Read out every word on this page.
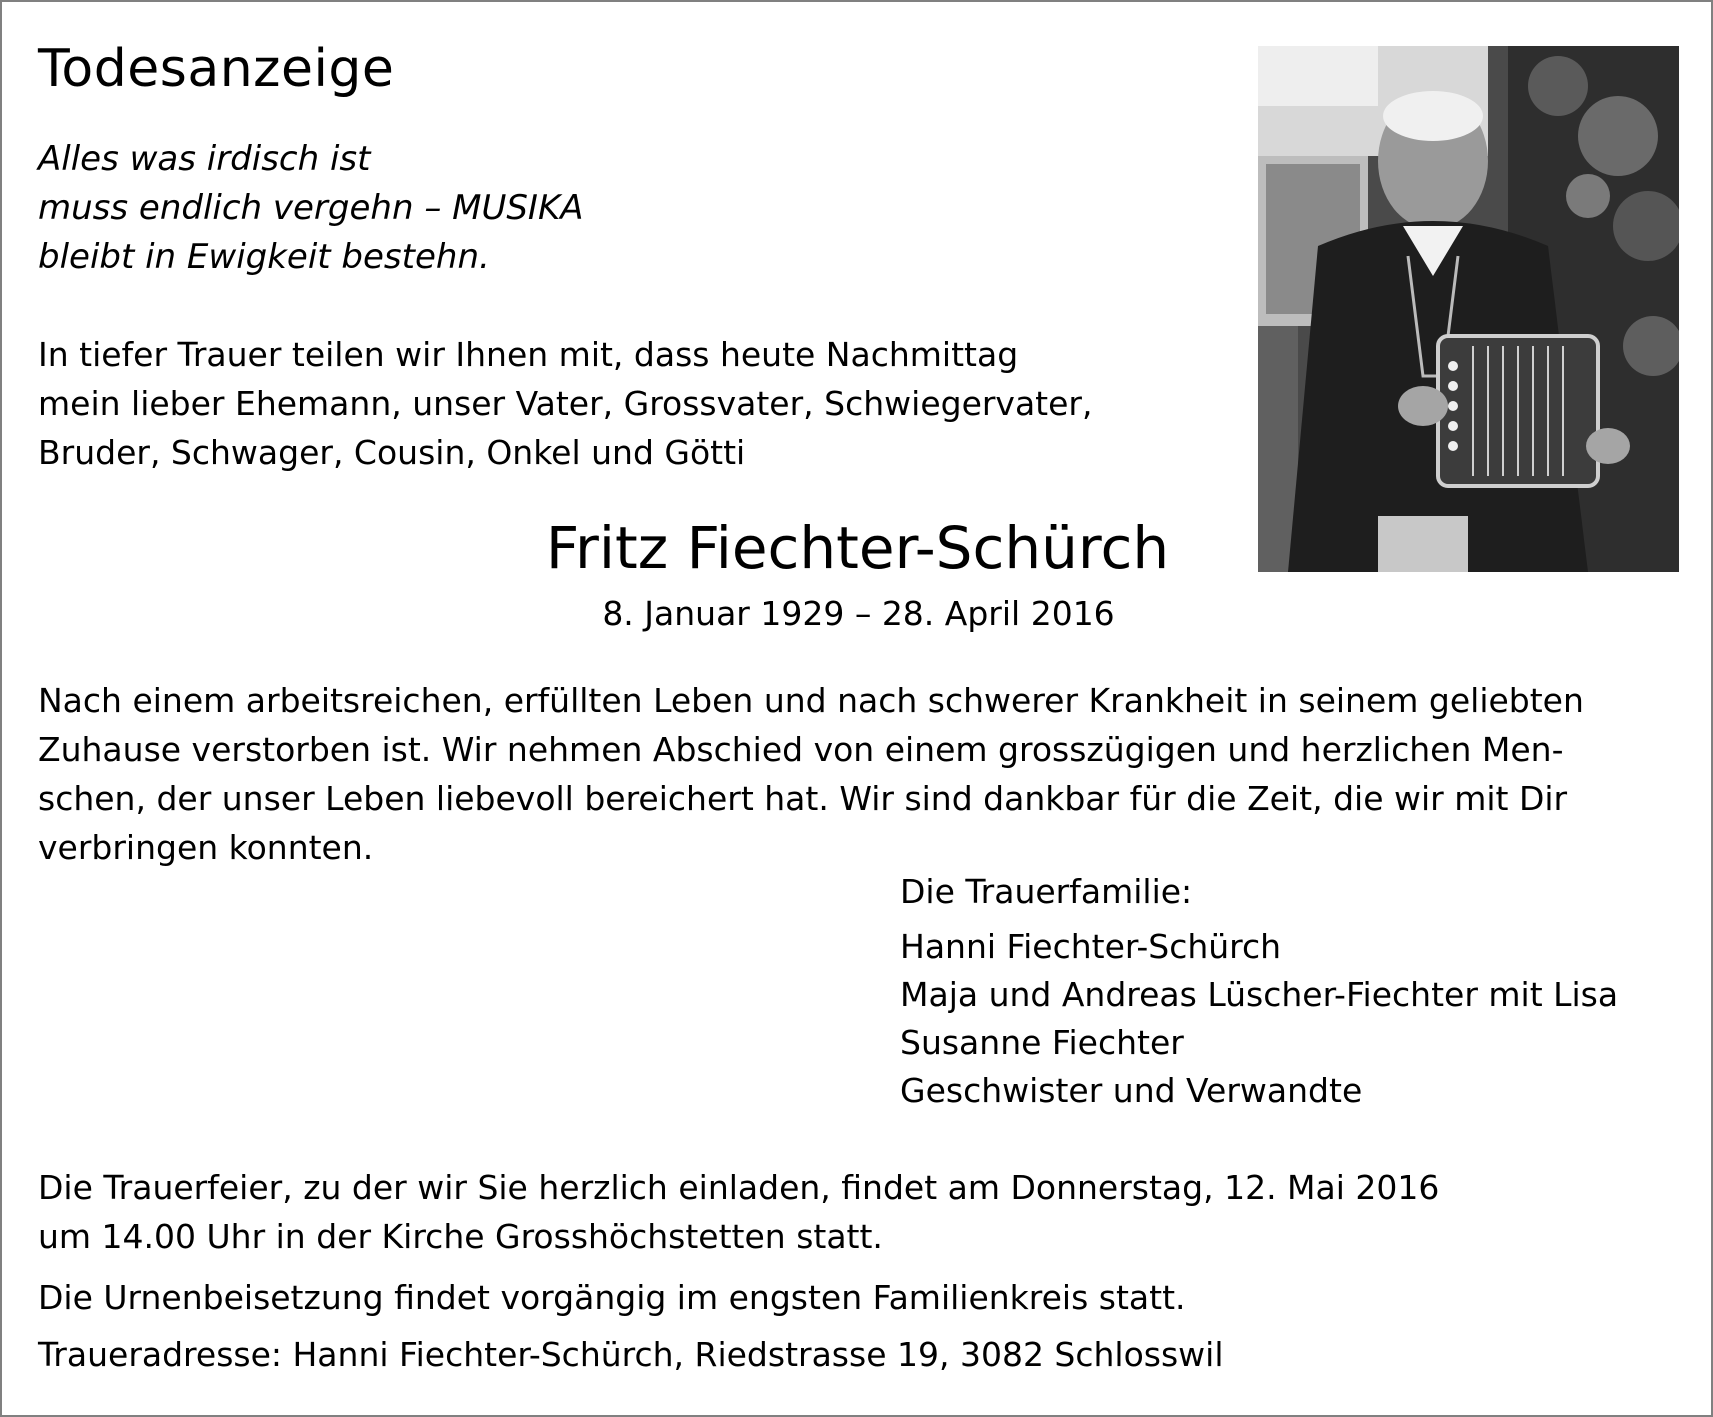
Todesanzeige
Alles was irdisch ist
muss endlich vergehn – MUSIKA
bleibt in Ewigkeit bestehn.
In tiefer Trauer teilen wir Ihnen mit, dass heute Nachmittag
mein lieber Ehemann, unser Vater, Grossvater, Schwiegervater,
Bruder, Schwager, Cousin, Onkel und Götti
Fritz Fiechter-Schürch
8. Januar 1929 – 28. April 2016
Nach einem arbeitsreichen, erfüllten Leben und nach schwerer Krankheit in seinem geliebten
Zuhause verstorben ist. Wir nehmen Abschied von einem grosszügigen und herzlichen Men-
schen, der unser Leben liebevoll bereichert hat. Wir sind dankbar für die Zeit, die wir mit Dir
verbringen konnten.
Die Trauerfamilie:
Hanni Fiechter-Schürch
Maja und Andreas Lüscher-Fiechter mit Lisa
Susanne Fiechter
Geschwister und Verwandte
Die Trauerfeier, zu der wir Sie herzlich einladen, findet am Donnerstag, 12. Mai 2016
um 14.00 Uhr in der Kirche Grosshöchstetten statt.
Die Urnenbeisetzung findet vorgängig im engsten Familienkreis statt.
Traueradresse: Hanni Fiechter-Schürch, Riedstrasse 19, 3082 Schlosswil
